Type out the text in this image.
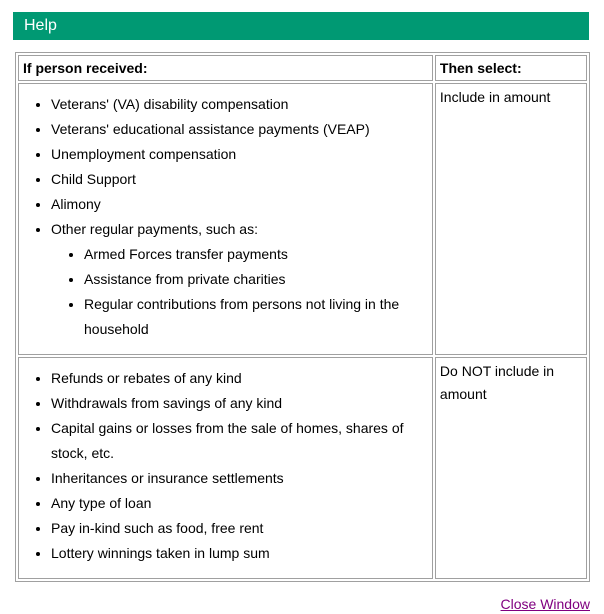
Help
If person received:	Then select:

• Veterans' (VA) disability compensation
• Veterans' educational assistance payments (VEAP)
• Unemployment compensation
• Child Support
• Alimony
• Other regular payments, such as:
• Armed Forces transfer payments
• Assistance from private charities
• Regular contributions from persons not living in the household
	Include in amount

• Refunds or rebates of any kind
• Withdrawals from savings of any kind
• Capital gains or losses from the sale of homes, shares of stock, etc.
• Inheritances or insurance settlements
• Any type of loan
• Pay in-kind such as food, free rent
• Lottery winnings taken in lump sum
	Do NOT include in amount
Close Window
